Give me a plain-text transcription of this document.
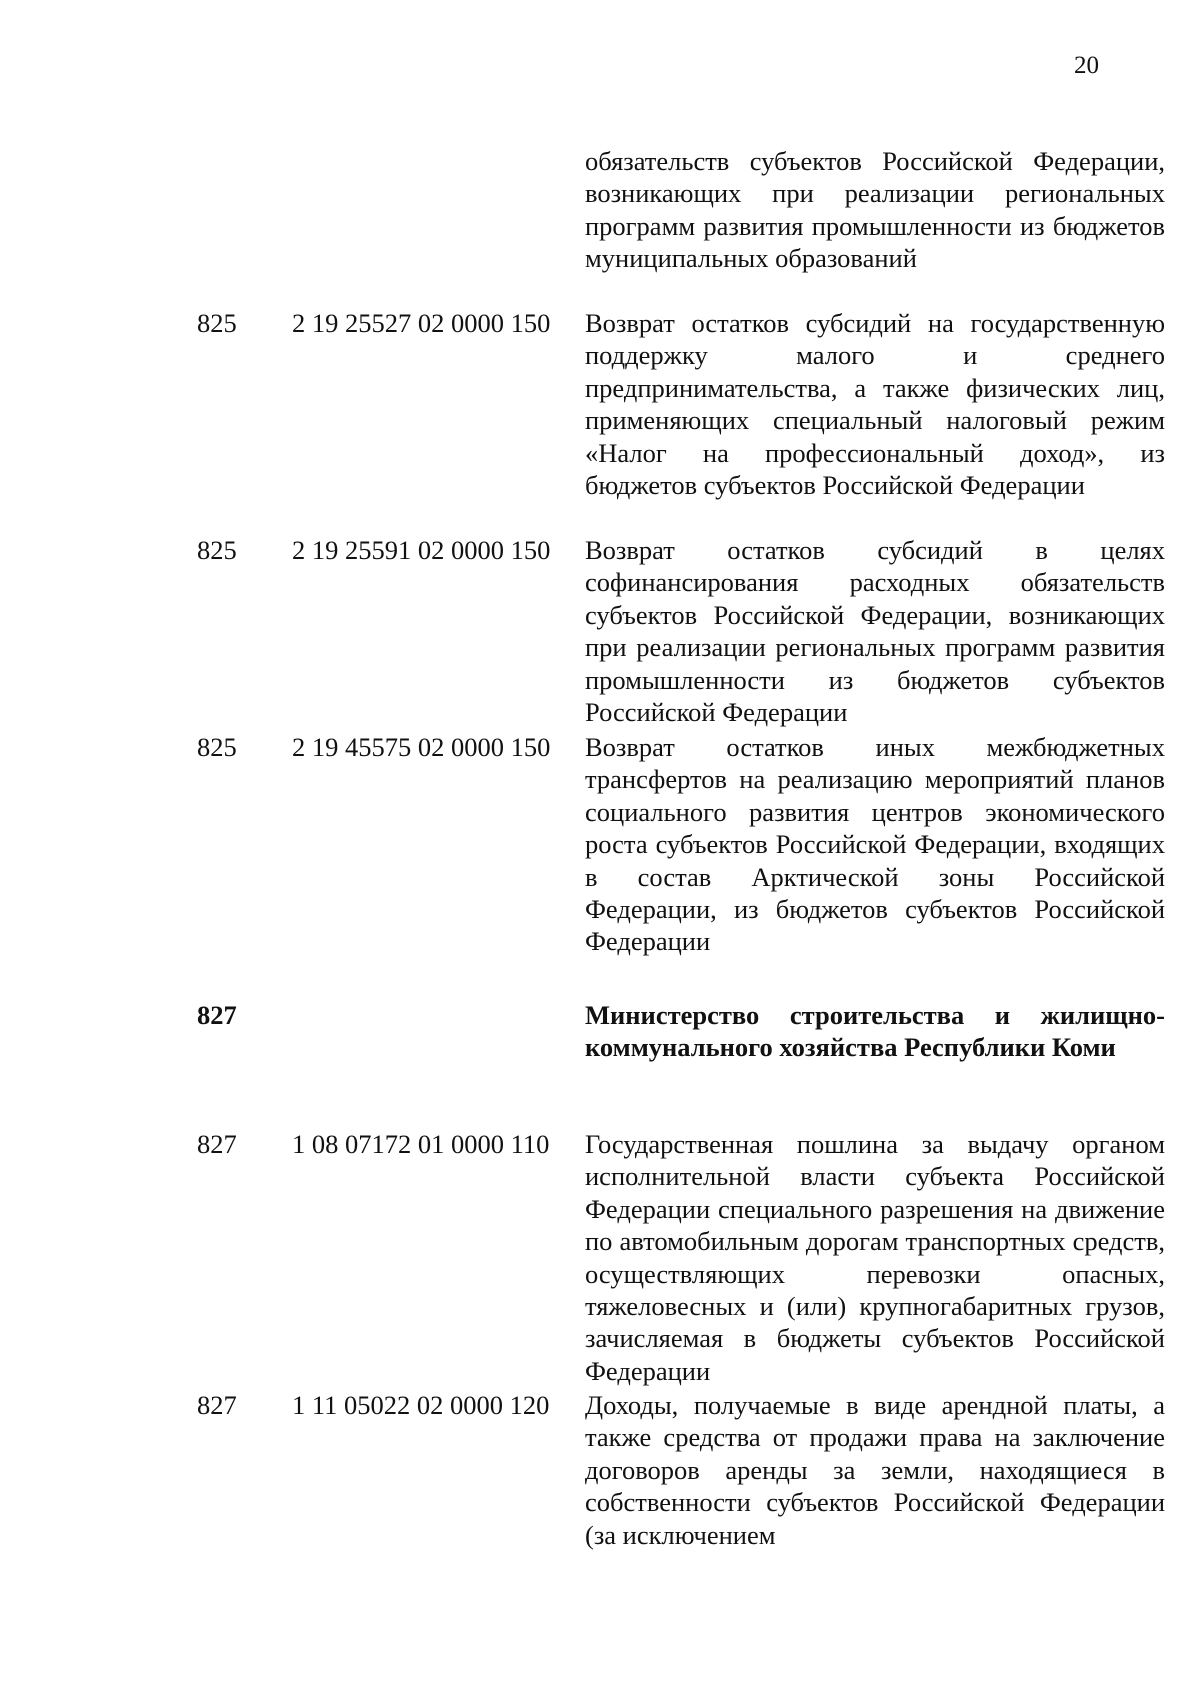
20
обязательств субъектов Российской Федерации, возникающих при реализации региональных программ развития промышленности из бюджетов муниципальных образований
825 2 19 25527 02 0000 150 Возврат остатков субсидий на государственную поддержку малого и среднего предпринимательства, а также физических лиц, применяющих специальный налоговый режим «Налог на профессиональный доход», из бюджетов субъектов Российской Федерации
825 2 19 25591 02 0000 150 Возврат остатков субсидий в целях софинансирования расходных обязательств субъектов Российской Федерации, возникающих при реализации региональных программ развития промышленности из бюджетов субъектов Российской Федерации
825 2 19 45575 02 0000 150 Возврат остатков иных межбюджетных трансфертов на реализацию мероприятий планов социального развития центров экономического роста субъектов Российской Федерации, входящих в состав Арктической зоны Российской Федерации, из бюджетов субъектов Российской Федерации
827	Министерство строительства и жилищно-коммунального хозяйства Республики Коми
827 1 08 07172 01 0000 110 Государственная пошлина за выдачу органом исполнительной власти субъекта Российской Федерации специального разрешения на движение по автомобильным дорогам транспортных средств, осуществляющих перевозки опасных, тяжеловесных и (или) крупногабаритных грузов, зачисляемая в бюджеты субъектов Российской Федерации
827 1 11 05022 02 0000 120 Доходы, получаемые в виде арендной платы, а также средства от продажи права на заключение договоров аренды за земли, находящиеся в собственности субъектов Российской Федерации (за исключением
